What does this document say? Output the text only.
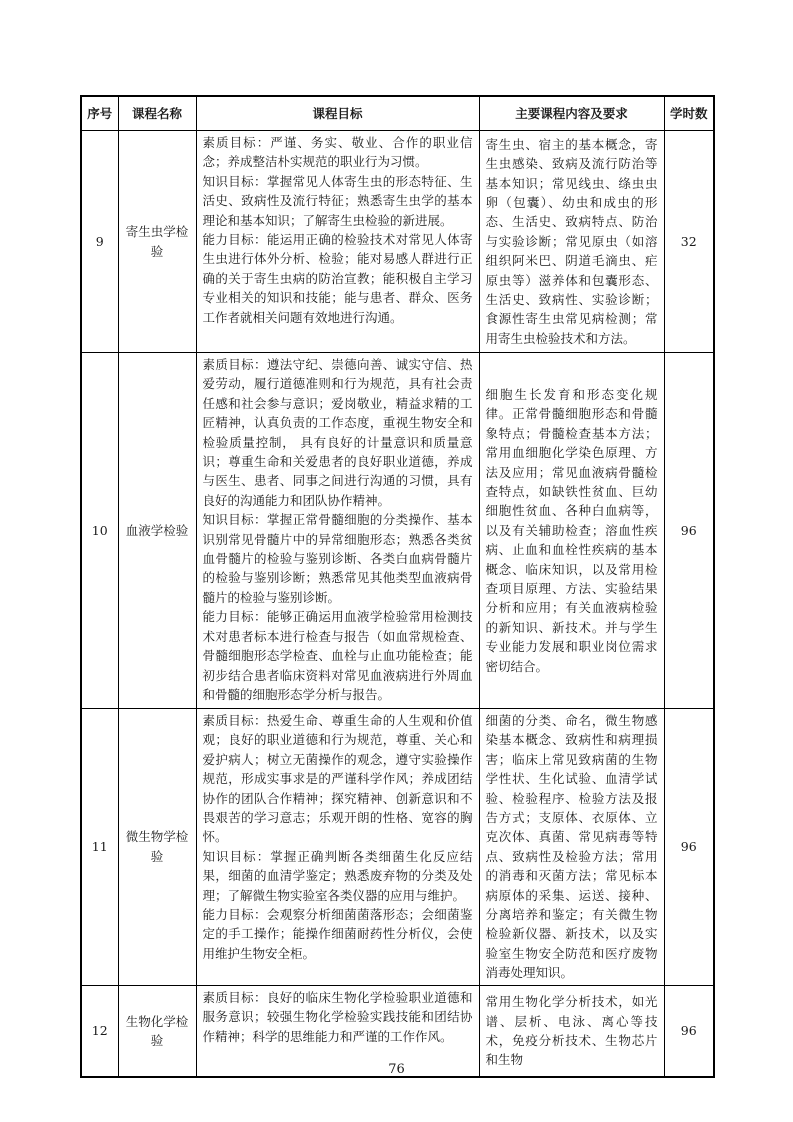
序号	课程名称	课程目标	主要课程内容及要求	学时数
9	寄生虫学检验	素质目标：严谨、务实、敬业、合作的职业信念；养成整洁朴实规范的职业行为习惯。

知识目标：掌握常见人体寄生虫的形态特征、生活史、致病性及流行特征；熟悉寄生虫学的基本理论和基本知识；了解寄生虫检验的新进展。

能力目标：能运用正确的检验技术对常见人体寄生虫进行体外分析、检验；能对易感人群进行正确的关于寄生虫病的防治宣教；能积极自主学习专业相关的知识和技能；能与患者、群众、医务工作者就相关问题有效地进行沟通。	寄生虫、宿主的基本概念，寄生虫感染、致病及流行防治等基本知识；常见线虫、绦虫虫卵（包囊）、幼虫和成虫的形态、生活史、致病特点、防治与实验诊断；常见原虫（如溶组织阿米巴、阴道毛滴虫、疟原虫等）滋养体和包囊形态、生活史、致病性、实验诊断；食源性寄生虫常见病检测；常用寄生虫检验技术和方法。	32
10	血液学检验	素质目标：遵法守纪、崇德向善、诚实守信、热爱劳动，履行道德准则和行为规范，具有社会责任感和社会参与意识；爱岗敬业，精益求精的工匠精神，认真负责的工作态度，重视生物安全和检验质量控制， 具有良好的计量意识和质量意识；尊重生命和关爱患者的良好职业道德，养成与医生、患者、同事之间进行沟通的习惯，具有良好的沟通能力和团队协作精神。

知识目标：掌握正常骨髓细胞的分类操作、基本识别常见骨髓片中的异常细胞形态；熟悉各类贫血骨髓片的检验与鉴别诊断、各类白血病骨髓片的检验与鉴别诊断；熟悉常见其他类型血液病骨髓片的检验与鉴别诊断。

能力目标：能够正确运用血液学检验常用检测技术对患者标本进行检查与报告（如血常规检查、骨髓细胞形态学检查、血栓与止血功能检查；能初步结合患者临床资料对常见血液病进行外周血和骨髓的细胞形态学分析与报告。	细胞生长发育和形态变化规律。正常骨髓细胞形态和骨髓象特点；骨髓检查基本方法；常用血细胞化学染色原理、方法及应用；常见血液病骨髓检查特点，如缺铁性贫血、巨幼细胞性贫血、各种白血病等，以及有关辅助检查；溶血性疾病、止血和血栓性疾病的基本概念、临床知识，以及常用检查项目原理、方法、实验结果分析和应用；有关血液病检验的新知识、新技术。并与学生专业能力发展和职业岗位需求密切结合。	96
11	微生物学检验	素质目标：热爱生命、尊重生命的人生观和价值观；良好的职业道德和行为规范，尊重、关心和爱护病人；树立无菌操作的观念，遵守实验操作规范，形成实事求是的严谨科学作风；养成团结协作的团队合作精神；探究精神、创新意识和不畏艰苦的学习意志；乐观开朗的性格、宽容的胸怀。

知识目标：掌握正确判断各类细菌生化反应结果，细菌的血清学鉴定；熟悉废弃物的分类及处理；了解微生物实验室各类仪器的应用与维护。

能力目标：会观察分析细菌菌落形态；会细菌鉴定的手工操作；能操作细菌耐药性分析仪，会使用维护生物安全柜。	细菌的分类、命名，微生物感染基本概念、致病性和病理损害；临床上常见致病菌的生物学性状、生化试验、血清学试验、检验程序、检验方法及报告方式；支原体、衣原体、立克次体、真菌、常见病毒等特点、致病性及检验方法；常用的消毒和灭菌方法；常见标本病原体的采集、运送、接种、分离培养和鉴定；有关微生物检验新仪器、新技术，以及实验室生物安全防范和医疗废物消毒处理知识。	96
12	生物化学检验	素质目标：良好的临床生物化学检验职业道德和服务意识；较强生物化学检验实践技能和团结协作精神；科学的思维能力和严谨的工作作风。	常用生物化学分析技术，如光谱、层析、电泳、离心等技术，免疫分析技术、生物芯片和生物	96
76
